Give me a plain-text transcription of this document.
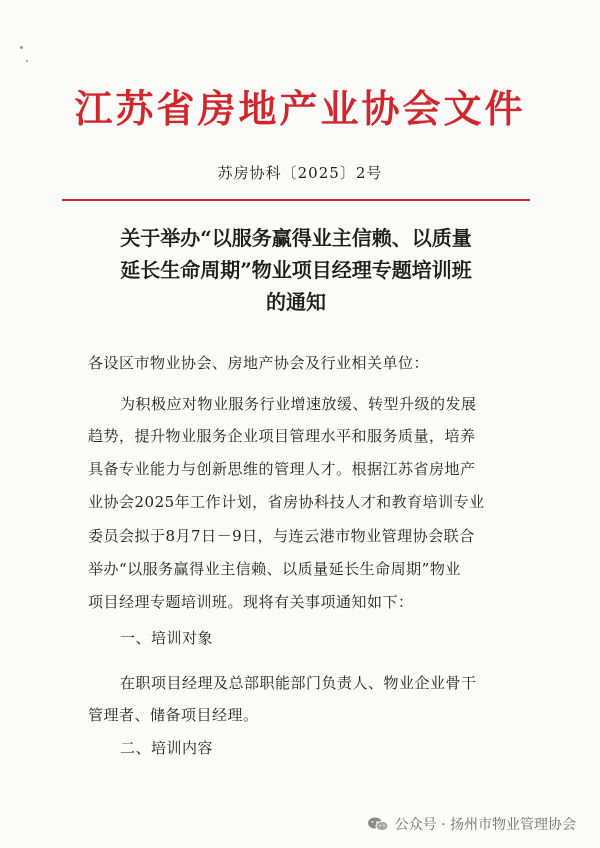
江苏省房地产业协会文件
苏房协科〔2025〕2号
关于举办“以服务赢得业主信赖、以质量
延长生命周期”物业项目经理专题培训班
的通知
各设区市物业协会、房地产协会及行业相关单位：
为积极应对物业服务行业增速放缓、转型升级的发展
趋势，提升物业服务企业项目管理水平和服务质量，培养
具备专业能力与创新思维的管理人才。根据江苏省房地产
业协会2025年工作计划，省房协科技人才和教育培训专业
委员会拟于8月7日－9日，与连云港市物业管理协会联合
举办“以服务赢得业主信赖、以质量延长生命周期”物业
项目经理专题培训班。现将有关事项通知如下：
一、培训对象
在职项目经理及总部职能部门负责人、物业企业骨干
管理者、储备项目经理。
二、培训内容
公众号 · 扬州市物业管理协会
